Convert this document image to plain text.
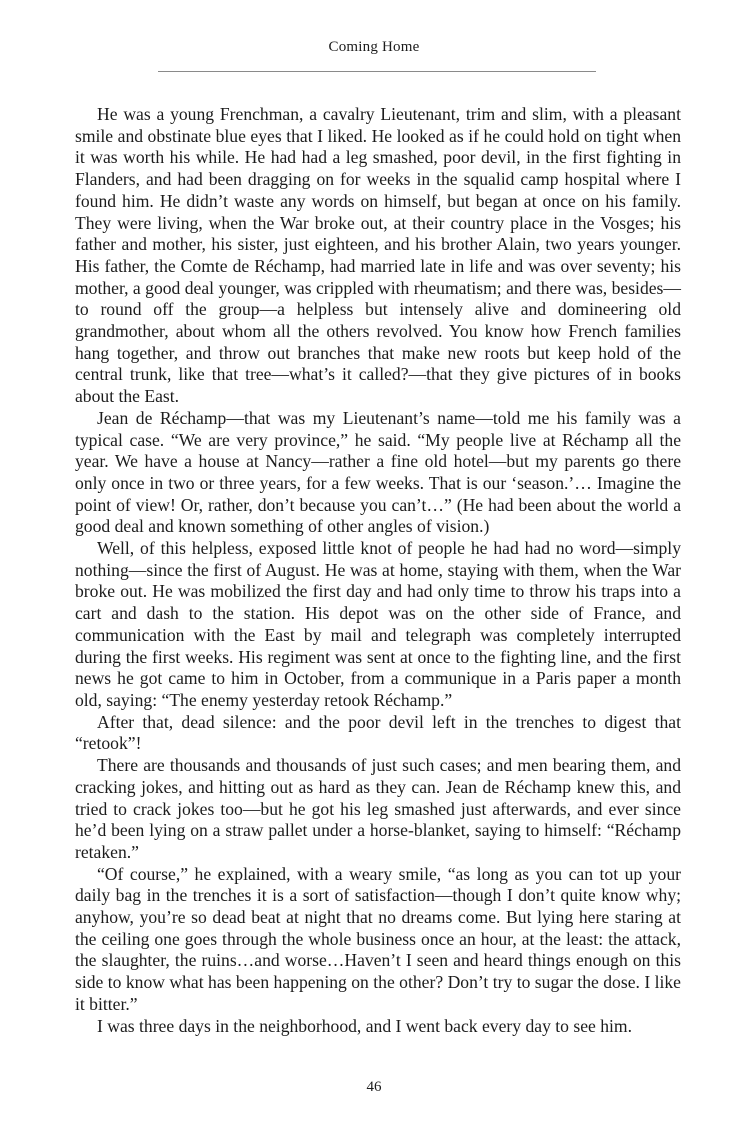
Coming Home

He was a young Frenchman, a cavalry Lieutenant, trim and slim, with a pleasant smile and obstinate blue eyes that I liked. He looked as if he could hold on tight when it was worth his while. He had had a leg smashed, poor devil, in the first fighting in Flanders, and had been dragging on for weeks in the squalid camp hospital where I found him. He didn’t waste any words on himself, but began at once on his family. They were living, when the War broke out, at their country place in the Vosges; his father and mother, his sister, just eighteen, and his brother Alain, two years younger. His father, the Comte de Réchamp, had married late in life and was over seventy; his mother, a good deal younger, was crippled with rheumatism; and there was, besides—to round off the group—a helpless but intensely alive and domineering old grandmother, about whom all the others revolved. You know how French families hang together, and throw out branches that make new roots but keep hold of the central trunk, like that tree—what’s it called?—that they give pictures of in books about the East.

Jean de Réchamp—that was my Lieutenant’s name—told me his family was a typical case. “We are very province,” he said. “My people live at Réchamp all the year. We have a house at Nancy—rather a fine old hotel—but my parents go there only once in two or three years, for a few weeks. That is our ‘season.’… Imagine the point of view! Or, rather, don’t because you can’t…” (He had been about the world a good deal and known something of other angles of vision.)

Well, of this helpless, exposed little knot of people he had had no word—simply nothing—since the first of August. He was at home, staying with them, when the War broke out. He was mobilized the first day and had only time to throw his traps into a cart and dash to the station. His depot was on the other side of France, and communication with the East by mail and telegraph was completely interrupted during the first weeks. His regiment was sent at once to the fighting line, and the first news he got came to him in October, from a communique in a Paris paper a month old, saying: “The enemy yesterday retook Réchamp.”

After that, dead silence: and the poor devil left in the trenches to digest that “retook”!

There are thousands and thousands of just such cases; and men bearing them, and cracking jokes, and hitting out as hard as they can. Jean de Réchamp knew this, and tried to crack jokes too—but he got his leg smashed just afterwards, and ever since he’d been lying on a straw pallet under a horse-blanket, saying to himself: “Réchamp retaken.”

“Of course,” he explained, with a weary smile, “as long as you can tot up your daily bag in the trenches it is a sort of satisfaction—though I don’t quite know why; anyhow, you’re so dead beat at night that no dreams come. But lying here staring at the ceiling one goes through the whole business once an hour, at the least: the attack, the slaughter, the ruins…and worse…Haven’t I seen and heard things enough on this side to know what has been happening on the other? Don’t try to sugar the dose. I like it bitter.”

I was three days in the neighborhood, and I went back every day to see him.

46
